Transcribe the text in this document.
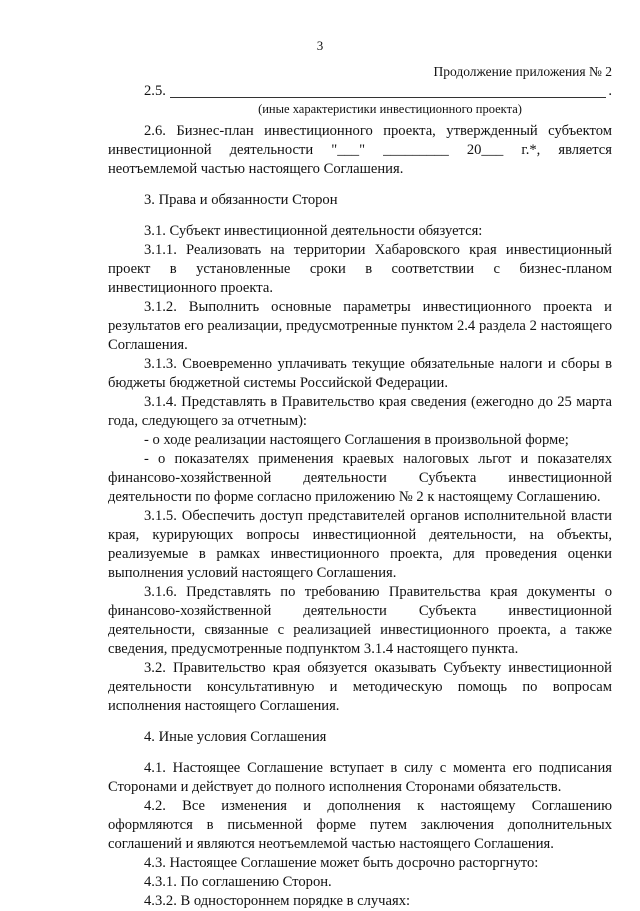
3
Продолжение приложения № 2
2.5.	.
(иные характеристики инвестиционного проекта)

2.6. Бизнес-план инвестиционного проекта, утвержденный субъектом инвестиционной деятельности "___" _________ 20___ г.*, является неотъемлемой частью настоящего Соглашения.

3. Права и обязанности Сторон

3.1. Субъект инвестиционной деятельности обязуется:

3.1.1. Реализовать на территории Хабаровского края инвестиционный проект в установленные сроки в соответствии с бизнес-планом инвестиционного проекта.

3.1.2. Выполнить основные параметры инвестиционного проекта и результатов его реализации, предусмотренные пунктом 2.4 раздела 2 настоящего Соглашения.

3.1.3. Своевременно уплачивать текущие обязательные налоги и сборы в бюджеты бюджетной системы Российской Федерации.

3.1.4. Представлять в Правительство края сведения (ежегодно до 25 марта года, следующего за отчетным):

- о ходе реализации настоящего Соглашения в произвольной форме;

- о показателях применения краевых налоговых льгот и показателях финансово-хозяйственной деятельности Субъекта инвестиционной деятельности по форме согласно приложению № 2 к настоящему Соглашению.

3.1.5. Обеспечить доступ представителей органов исполнительной власти края, курирующих вопросы инвестиционной деятельности, на объекты, реализуемые в рамках инвестиционного проекта, для проведения оценки выполнения условий настоящего Соглашения.

3.1.6. Представлять по требованию Правительства края документы о финансово-хозяйственной деятельности Субъекта инвестиционной деятельности, связанные с реализацией инвестиционного проекта, а также сведения, предусмотренные подпунктом 3.1.4 настоящего пункта.

3.2. Правительство края обязуется оказывать Субъекту инвестиционной деятельности консультативную и методическую помощь по вопросам исполнения настоящего Соглашения.

4. Иные условия Соглашения

4.1. Настоящее Соглашение вступает в силу с момента его подписания Сторонами и действует до полного исполнения Сторонами обязательств.

4.2. Все изменения и дополнения к настоящему Соглашению оформляются в письменной форме путем заключения дополнительных соглашений и являются неотъемлемой частью настоящего Соглашения.

4.3. Настоящее Соглашение может быть досрочно расторгнуто:

4.3.1. По соглашению Сторон.

4.3.2. В одностороннем порядке в случаях:
